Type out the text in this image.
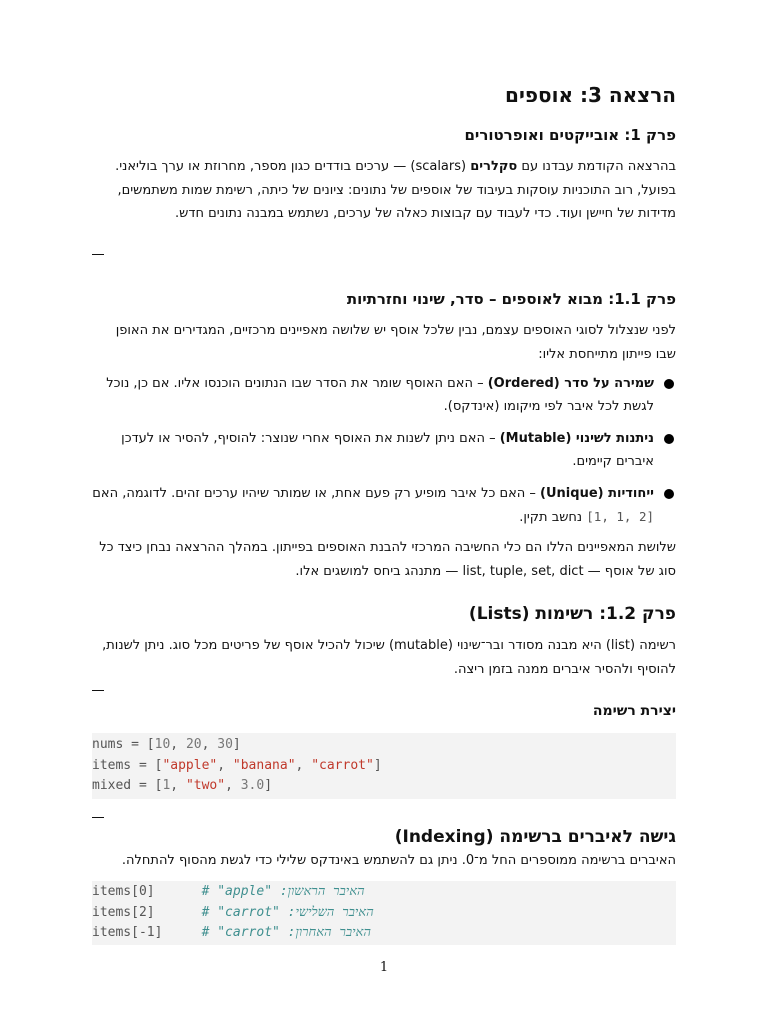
הרצאה 3: אוספים
פרק 1: אובייקטים ואופרטורים

בהרצאה הקודמת עבדנו עם סקלרים (scalars) — ערכים בודדים כגון מספר, מחרוזת או ערך בוליאני. בפועל, רוב התוכניות עוסקות בעיבוד של אוספים של נתונים: ציונים של כיתה, רשימת שמות משתמשים, מדידות של חיישן ועוד. כדי לעבוד עם קבוצות כאלה של ערכים, נשתמש במבנה נתונים חדש.

פרק 1.1: מבוא לאוספים – סדר, שינוי וחזרתיות

לפני שנצלול לסוגי האוספים עצמם, נבין שלכל אוסף יש שלושה מאפיינים מרכזיים, המגדירים את האופן שבו פייתון מתייחסת אליו:

שמירה על סדר (Ordered) – האם האוסף שומר את הסדר שבו הנתונים הוכנסו אליו. אם כן, נוכל לגשת לכל איבר לפי מיקומו (אינדקס).
ניתנות לשינוי (Mutable) – האם ניתן לשנות את האוסף אחרי שנוצר: להוסיף, להסיר או לעדכן איברים קיימים.
ייחודיות (Unique) – האם כל איבר מופיע רק פעם אחת, או שמותר שיהיו ערכים זהים. לדוגמה, האם [1, 1, 2] נחשב תקין.

שלושת המאפיינים הללו הם כלי החשיבה המרכזי להבנת האוספים בפייתון. במהלך ההרצאה נבחן כיצד כל סוג של אוסף — list, tuple, set, dict — מתנהג ביחס למושגים אלו.

פרק 1.2: רשימות (Lists)

רשימה (list) היא מבנה מסודר ובר־שינוי (mutable) שיכול להכיל אוסף של פריטים מכל סוג. ניתן לשנות, להוסיף ולהסיר איברים ממנה בזמן ריצה.

יצירת רשימה
nums = [10, 20, 30]
items = ["apple", "banana", "carrot"]
mixed = [1, "two", 3.0]
גישה לאיברים ברשימה (Indexing)

האיברים ברשימה ממוספרים החל מ־0. ניתן גם להשתמש באינדקס שלילי כדי לגשת מהסוף להתחלה.

items[0]      # "apple" :האיבר הראשון
items[2]      # "carrot" :האיבר השלישי
items[-1]     # "carrot" :האיבר האחרון
1
